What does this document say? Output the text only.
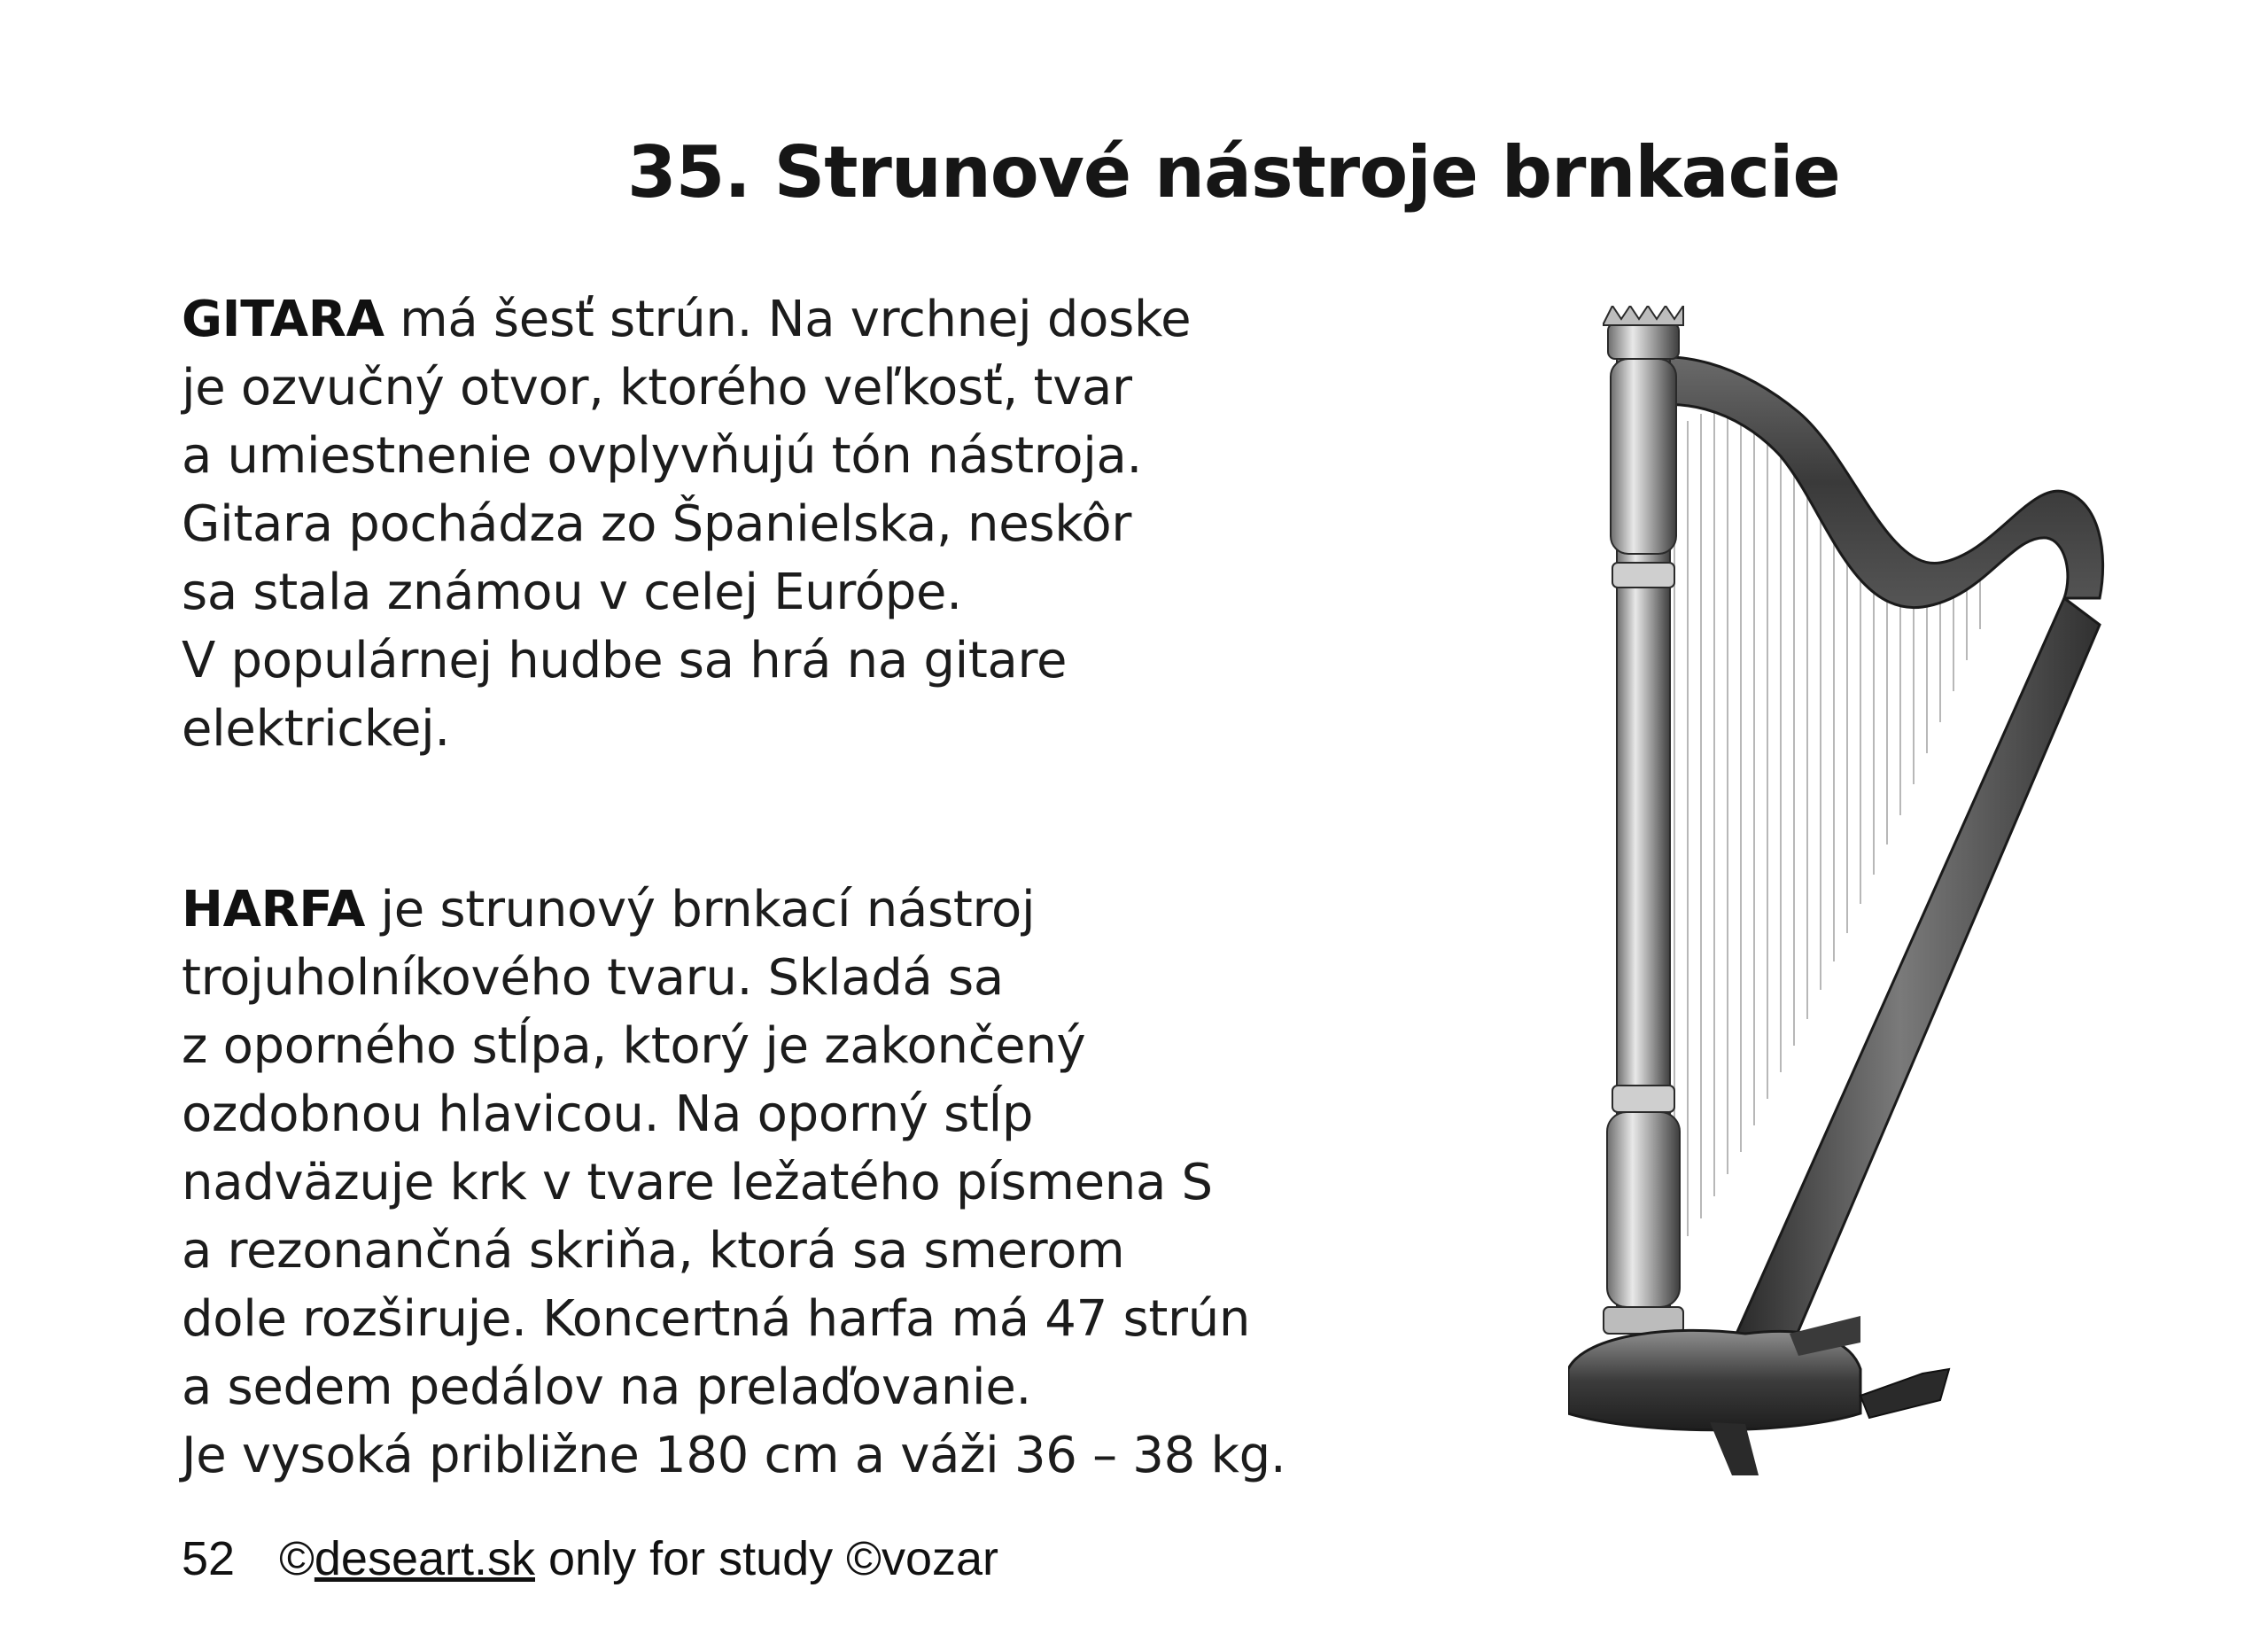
35. Strunové nástroje brnkacie
GITARA má šesť strún. Na vrchnej doske
je ozvučný otvor, ktorého veľkosť, tvar
a umiestnenie ovplyvňujú tón nástroja.
Gitara pochádza zo Španielska, neskôr
sa stala známou v celej Európe.
V populárnej hudbe sa hrá na gitare
elektrickej.
HARFA je strunový brnkací nástroj
trojuholníkového tvaru. Skladá sa
z oporného stĺpa, ktorý je zakončený
ozdobnou hlavicou. Na oporný stĺp
nadväzuje krk v tvare ležatého písmena S
a rezonančná skriňa, ktorá sa smerom
dole rozširuje. Koncertná harfa má 47 strún
a sedem pedálov na prelaďovanie.
Je vysoká približne 180 cm a váži 36 – 38 kg.
52 ©deseart.sk only for study ©vozar
